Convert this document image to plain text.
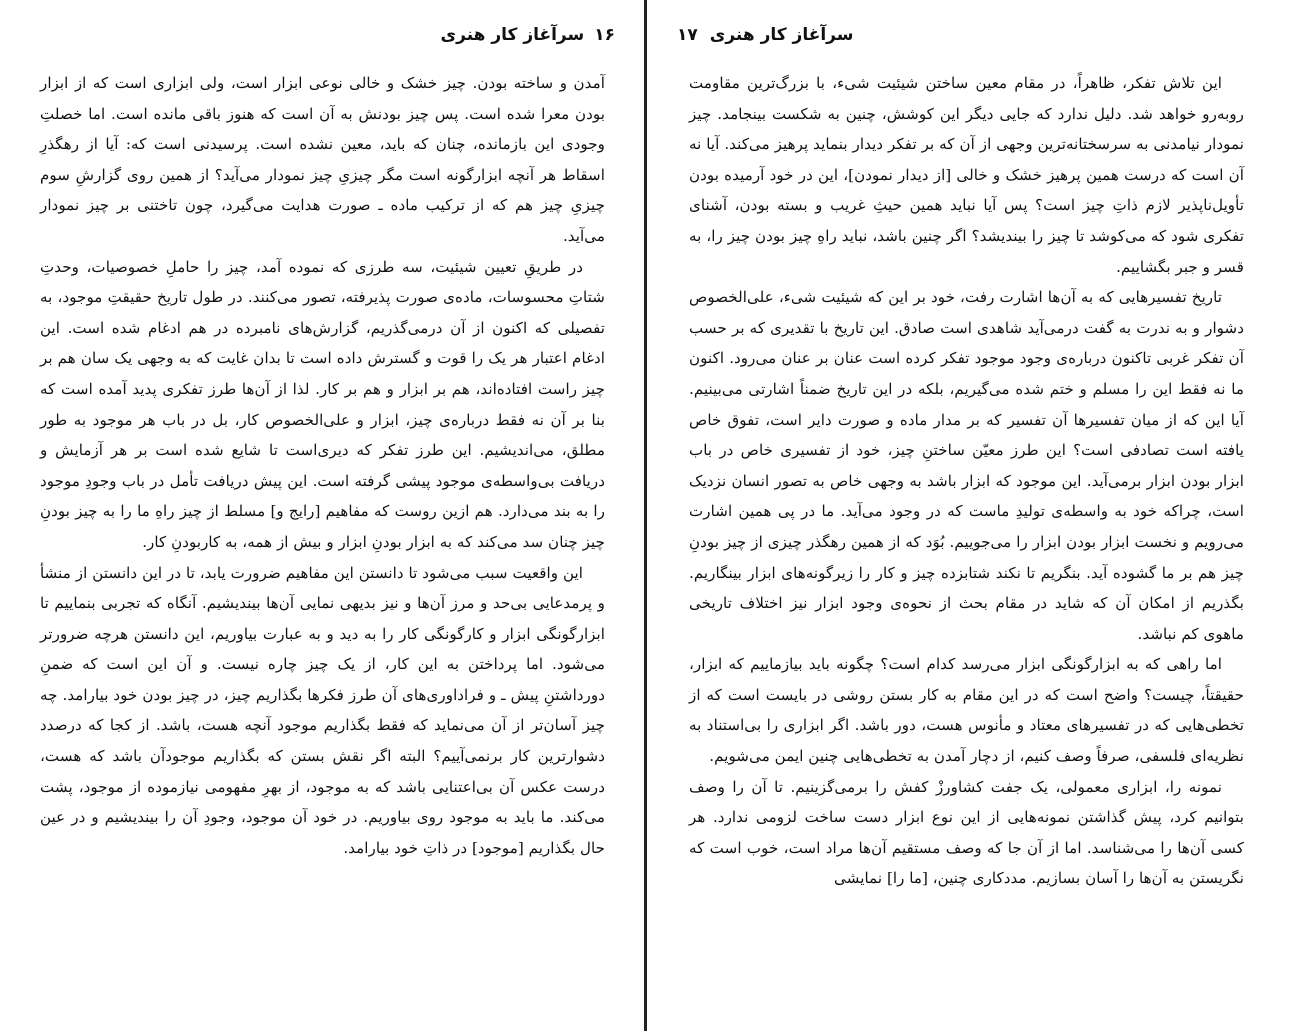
۱۶
سرآغاز کار هنری

آمدن و ساخته بودن. چیز خشک و خالی نوعی ابزار است، ولی ابزاری است که از ابزار بودن معرا شده است. پس چیز بودنش به آن است که هنوز باقی مانده است. اما خصلتِ وجودی این بازمانده، چنان که باید، معین نشده است. پرسیدنی است که: آیا از رهگذرِ اسقاط هر آنچه ابزارگونه است مگر چیزیِ چیز نمودار می‌آید؟ از همین روی گزارشِ سوم چیزیِ چیز هم که از ترکیب ماده ـ صورت هدایت می‌گیرد، چون تاختنی بر چیز نمودار می‌آید.

در طریقِ تعیین شیئیت، سه طرزی که نموده آمد، چیز را حاملِ خصوصیات، وحدتِ شتاتِ محسوسات، ماده‌ی صورت پذیرفته، تصور می‌کنند. در طول تاریخ حقیقتِ موجود، به تفصیلی که اکنون از آن درمی‌گذریم، گزارش‌های نامبرده در هم ادغام شده است. این ادغام اعتبار هر یک را قوت و گسترش داده است تا بدان غایت که به وجهی یک سان هم بر چیز راست افتاده‌اند، هم بر ابزار و هم بر کار. لذا از آن‌ها طرز تفکری پدید آمده است که بنا بر آن نه فقط درباره‌ی چیز، ابزار و علی‌الخصوص کار، بل در باب هر موجود به طور مطلق، می‌اندیشیم. این طرز تفکر که دیری‌است تا شایع شده است بر هر آزمایش و دریافت بی‌واسطه‌ی موجود پیشی گرفته است. این پیش دریافت تأمل در باب وجودِ موجود را به بند می‌دارد. هم ازین روست که مفاهیم [رایج و] مسلط از چیز راهِ ما را به چیز بودنِ چیز چنان سد می‌کند که به ابزار بودنِ ابزار و بیش از همه، به کاربودنِ کار.

این واقعیت سبب می‌شود تا دانستن این مفاهیم ضرورت یابد، تا در این دانستن از منشأ و پرمدعایی بی‌حد و مرز آن‌ها و نیز بدیهی نمایی آن‌ها بیندیشیم. آنگاه که تجربی بنماییم تا ابزارگونگی ابزار و کارگونگی کار را به دید و به عبارت بیاوریم، این دانستن هرچه ضرورتر می‌شود. اما پرداختن به این کار، از یک چیز چاره نیست. و آن این است که ضمنِ دورداشتنِ پیش ـ و فراداوری‌های آن طرز فکرها بگذاریم چیز، در چیز بودن خود بیارامد. چه چیز آسان‌تر از آن می‌نماید که فقط بگذاریم موجود آنچه هست، باشد. از کجا که درصدد دشوارترین کار برنمی‌آییم؟ البته اگر نقش بستن که بگذاریم موجودآن باشد که هست، درست عکس آن بی‌اعتنایی باشد که به موجود، از بهرِ مفهومی نیازموده از موجود، پشت می‌کند. ما باید به موجود روی بیاوریم. در خود آن موجود، وجودِ آن را بیندیشیم و در عین حال بگذاریم [موجود] در ذاتِ خود بیارامد.

سرآغاز کار هنری
۱۷

این تلاش تفکر، ظاهراً، در مقام معین ساختن شیئیت شیء، با بزرگ‌ترین مقاومت روبه‌رو خواهد شد. دلیل ندارد که جایی دیگر این کوشش، چنین به شکست بینجامد. چیز نمودار نیامدنی به سرسختانه‌ترین وجهی از آن که بر تفکر دیدار بنماید پرهیز می‌کند. آیا نه آن است که درست همین پرهیز خشک و خالی [از دیدار نمودن]، این در خود آرمیده بودن تأویل‌ناپذیر لازم ذاتِ چیز است؟ پس آیا نباید همین حیثِ غریب و بسته بودن، آشنای تفکری شود که می‌کوشد تا چیز را بیندیشد؟ اگر چنین باشد، نباید راهِ چیز بودن چیز را، به قسر و جبر بگشاییم.

تاریخ تفسیرهایی که به آن‌ها اشارت رفت، خود بر این که شیئیت شیء، علی‌الخصوص دشوار و به ندرت به گفت درمی‌آید شاهدی است صادق. این تاریخ با تقدیری که بر حسب آن تفکر غربی تاکنون درباره‌ی وجود موجود تفکر کرده است عنان بر عنان می‌رود. اکنون ما نه فقط این را مسلم و ختم شده می‌گیریم، بلکه در این تاریخ ضمناً اشارتی می‌بینیم. آیا این که از میان تفسیرها آن تفسیر که بر مدار ماده و صورت دایر است، تفوق خاص یافته است تصادفی است؟ این طرز معیّن ساختنِ چیز، خود از تفسیری خاص در باب ابزار بودن ابزار برمی‌آید. این موجود که ابزار باشد به وجهی خاص به تصور انسان نزدیک است، چراکه خود به واسطه‌ی تولیدِ ماست که در وجود می‌آید. ما در پی همین اشارت می‌رویم و نخست ابزار بودن ابزار را می‌جوییم. بُوَد که از همین رهگذر چیزی از چیز بودنِ چیز هم بر ما گشوده آید. بنگریم تا نکند شتابزده چیز و کار را زیرگونه‌های ابزار بینگاریم. بگذریم از امکان آن که شاید در مقام بحث از نحوه‌ی وجود ابزار نیز اختلاف تاریخی ماهوی کم نباشد.

اما راهی که به ابزارگونگی ابزار می‌رسد کدام است؟ چگونه باید بیازماییم که ابزار، حقیقتاً، چیست؟ واضح است که در این مقام به کار بستن روشی در بایست است که از تخطی‌هایی که در تفسیرهای معتاد و مأنوس هست، دور باشد. اگر ابزاری را بی‌استناد به نظریه‌ای فلسفی، صرفاً وصف کنیم، از دچار آمدن به تخطی‌هایی چنین ایمن می‌شویم.

نمونه را، ابزاری معمولی، یک جفت کشاورزْ کفش را برمی‌گزینیم. تا آن را وصف بتوانیم کرد، پیش گذاشتن نمونه‌هایی از این نوع ابزار دست ساخت لزومی ندارد. هر کسی آن‌ها را می‌شناسد. اما از آن جا که وصف مستقیم آن‌ها مراد است، خوب است که نگریستن به آن‌ها را آسان بسازیم. مددکاری چنین، [ما را] نمایشی
